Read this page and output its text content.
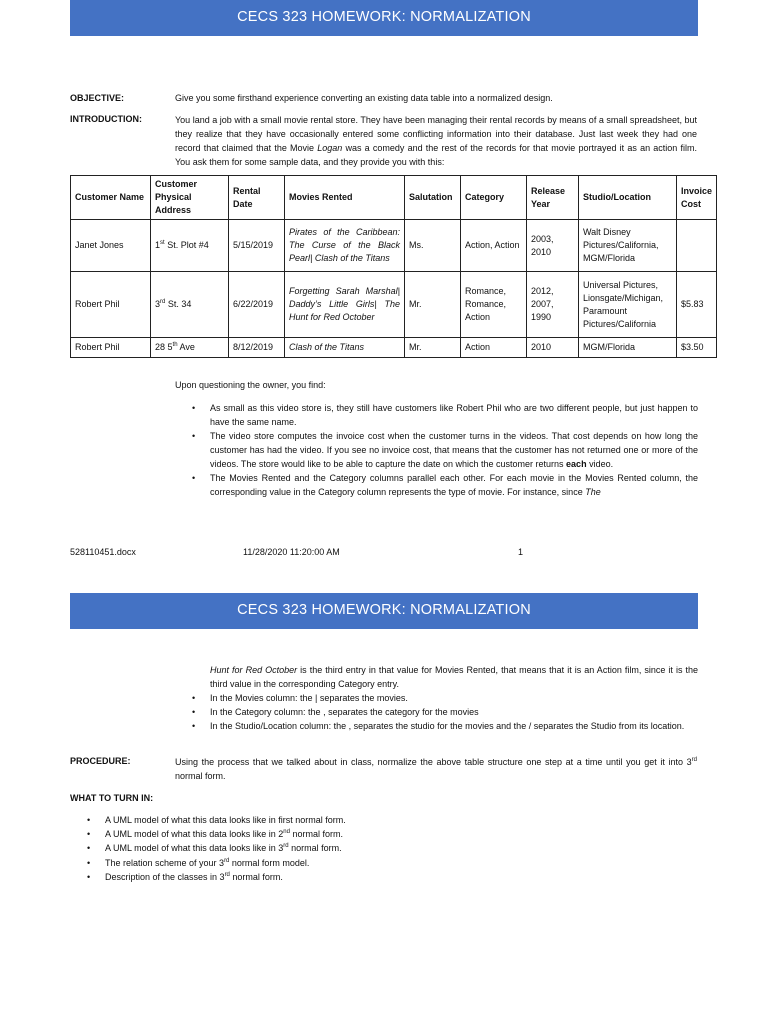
CECS 323 HOMEWORK: NORMALIZATION
OBJECTIVE:	Give you some firsthand experience converting an existing data table into a normalized design.
INTRODUCTION:	You land a job with a small movie rental store. They have been managing their rental records by means of a small spreadsheet, but they realize that they have occasionally entered some conflicting information into their database. Just last week they had one record that claimed that the Movie Logan was a comedy and the rest of the records for that movie portrayed it as an action film. You ask them for some sample data, and they provide you with this:
Customer Name	Customer Physical Address	Rental Date	Movies Rented	Salutation	Category	Release Year	Studio/Location	Invoice Cost
Janet Jones	1st St. Plot #4	5/15/2019	Pirates of the Caribbean: The Curse of the Black Pearl| Clash of the Titans	Ms.	Action, Action	2003, 2010	Walt Disney Pictures/California, MGM/Florida	
Robert Phil	3rd St. 34	6/22/2019	Forgetting Sarah Marshal| Daddy’s Little Girls| The Hunt for Red October	Mr.	Romance, Romance, Action	2012, 2007, 1990	Universal Pictures, Lionsgate/Michigan, Paramount Pictures/California	$5.83
Robert Phil	28 5th Ave	8/12/2019	Clash of the Titans	Mr.	Action	2010	MGM/Florida	$3.50
Upon questioning the owner, you find:
• As small as this video store is, they still have customers like Robert Phil who are two different people, but just happen to have the same name.
• The video store computes the invoice cost when the customer turns in the videos. That cost depends on how long the customer has had the video. If you see no invoice cost, that means that the customer has not returned one or more of the videos. The store would like to be able to capture the date on which the customer returns each video.
• The Movies Rented and the Category columns parallel each other. For each movie in the Movies Rented column, the corresponding value in the Category column represents the type of movie. For instance, since The
528110451.docx	11/28/2020 11:20:00 AM	1
CECS 323 HOMEWORK: NORMALIZATION
Hunt for Red October is the third entry in that value for Movies Rented, that means that it is an Action film, since it is the third value in the corresponding Category entry.
• In the Movies column: the | separates the movies.
• In the Category column: the , separates the category for the movies
• In the Studio/Location column: the , separates the studio for the movies and the / separates the Studio from its location.
PROCEDURE:	Using the process that we talked about in class, normalize the above table structure one step at a time until you get it into 3rd normal form.
WHAT TO TURN IN:
• A UML model of what this data looks like in first normal form.
• A UML model of what this data looks like in 2nd normal form.
• A UML model of what this data looks like in 3rd normal form.
• The relation scheme of your 3rd normal form model.
• Description of the classes in 3rd normal form.
